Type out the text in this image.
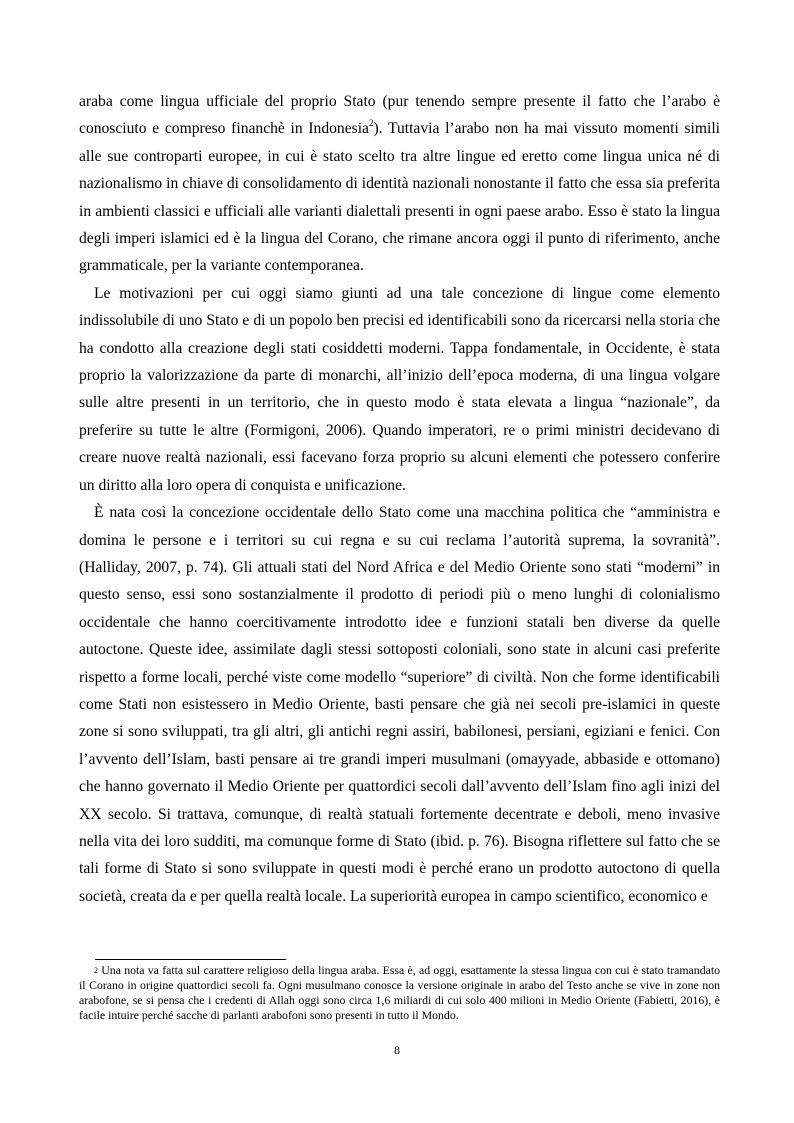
araba come lingua ufficiale del proprio Stato (pur tenendo sempre presente il fatto che l’arabo è conosciuto e compreso financhè in Indonesia$^2$). Tuttavia l’arabo non ha mai vissuto momenti simili alle sue controparti europee, in cui è stato scelto tra altre lingue ed eretto come lingua unica né di nazionalismo in chiave di consolidamento di identità nazionali nonostante il fatto che essa sia preferita in ambienti classici e ufficiali alle varianti dialettali presenti in ogni paese arabo. Esso è stato la lingua degli imperi islamici ed è la lingua del Corano, che rimane ancora oggi il punto di riferimento, anche grammaticale, per la variante contemporanea.

Le motivazioni per cui oggi siamo giunti ad una tale concezione di lingue come elemento indissolubile di uno Stato e di un popolo ben precisi ed identificabili sono da ricercarsi nella storia che ha condotto alla creazione degli stati cosiddetti moderni. Tappa fondamentale, in Occidente, è stata proprio la valorizzazione da parte di monarchi, all’inizio dell’epoca moderna, di una lingua volgare sulle altre presenti in un territorio, che in questo modo è stata elevata a lingua “nazionale”, da preferire su tutte le altre (Formigoni, 2006). Quando imperatori, re o primi ministri decidevano di creare nuove realtà nazionali, essi facevano forza proprio su alcuni elementi che potessero conferire un diritto alla loro opera di conquista e unificazione.

È nata così la concezione occidentale dello Stato come una macchina politica che “amministra e domina le persone e i territori su cui regna e su cui reclama l’autorità suprema, la sovranità”. (Halliday, 2007, p. 74). Gli attuali stati del Nord Africa e del Medio Oriente sono stati “moderni” in questo senso, essi sono sostanzialmente il prodotto di periodi più o meno lunghi di colonialismo occidentale che hanno coercitivamente introdotto idee e funzioni statali ben diverse da quelle autoctone. Queste idee, assimilate dagli stessi sottoposti coloniali, sono state in alcuni casi preferite rispetto a forme locali, perché viste come modello “superiore” di civiltà. Non che forme identificabili come Stati non esistessero in Medio Oriente, basti pensare che già nei secoli pre-islamici in queste zone si sono sviluppati, tra gli altri, gli antichi regni assiri, babilonesi, persiani, egiziani e fenici. Con l’avvento dell’Islam, basti pensare ai tre grandi imperi musulmani (omayyade, abbaside e ottomano) che hanno governato il Medio Oriente per quattordici secoli dall’avvento dell’Islam fino agli inizi del XX secolo. Si trattava, comunque, di realtà statuali fortemente decentrate e deboli, meno invasive nella vita dei loro sudditi, ma comunque forme di Stato (ibid. p. 76). Bisogna riflettere sul fatto che se tali forme di Stato si sono sviluppate in questi modi è perché erano un prodotto autoctono di quella società, creata da e per quella realtà locale. La superiorità europea in campo scientifico, economico e

$^2$ Una nota va fatta sul carattere religioso della lingua araba. Essa è, ad oggi, esattamente la stessa lingua con cui è stato tramandato il Corano in origine quattordici secoli fa. Ogni musulmano conosce la versione originale in arabo del Testo anche se vive in zone non arabofone, se si pensa che i credenti di Allah oggi sono circa 1,6 miliardi di cui solo 400 milioni in Medio Oriente (Fabietti, 2016), è facile intuire perché sacche di parlanti arabofoni sono presenti in tutto il Mondo.

8
